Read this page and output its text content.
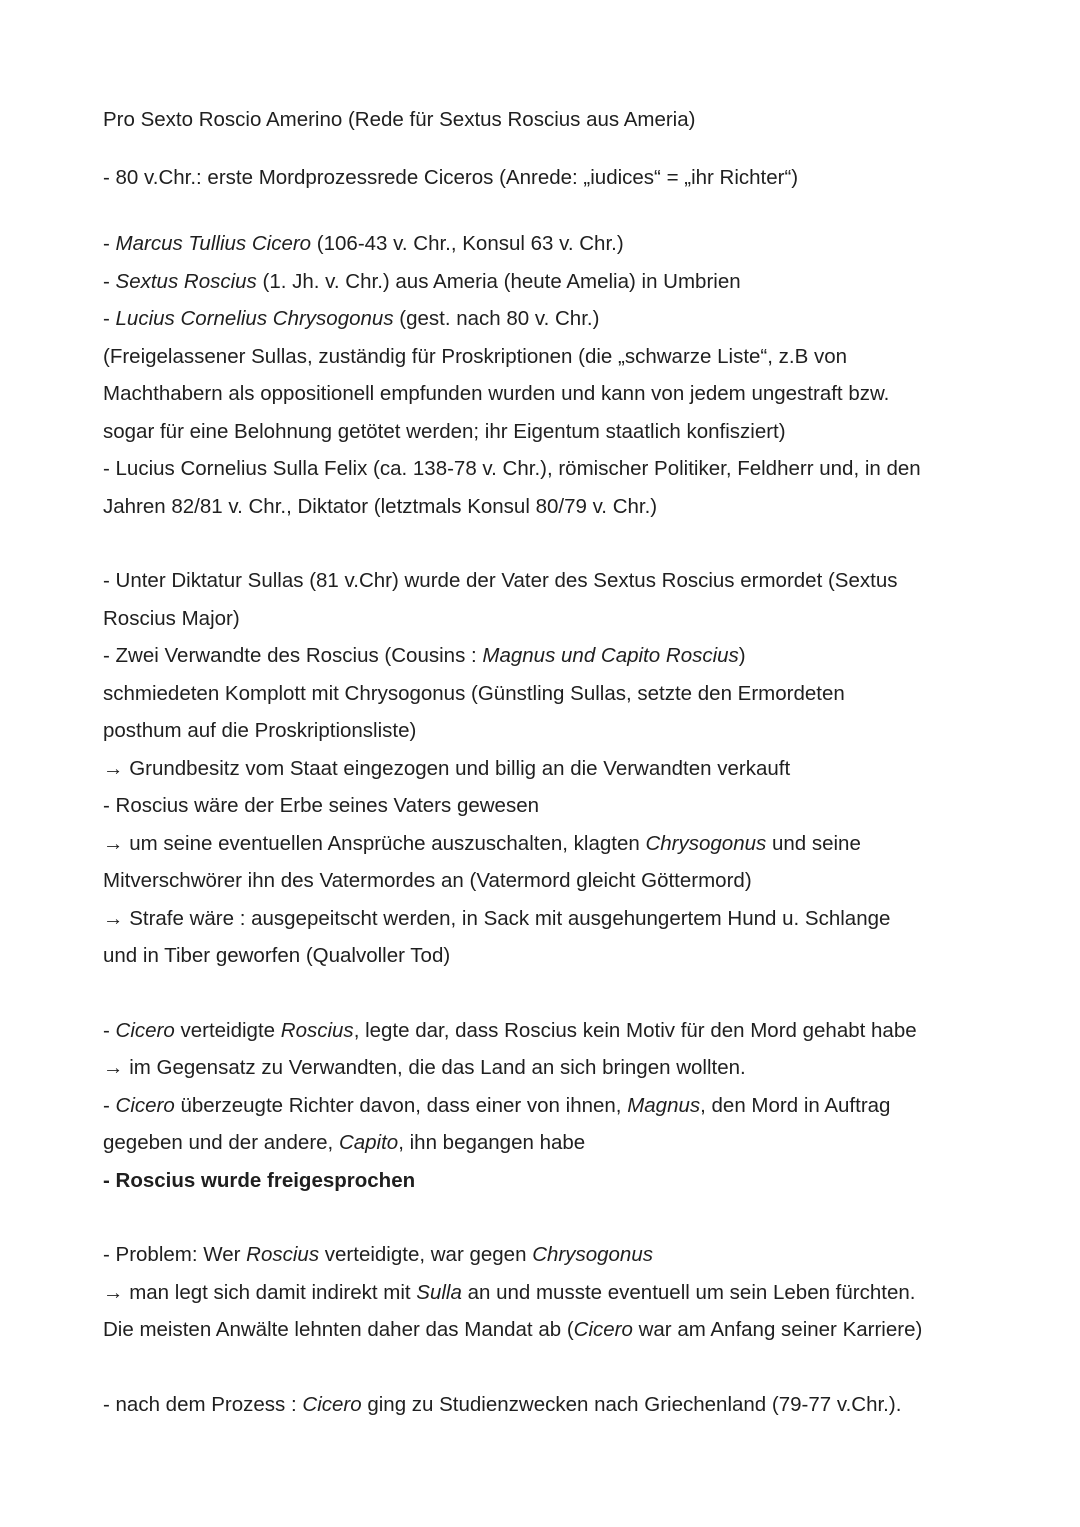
Pro Sexto Roscio Amerino (Rede für Sextus Roscius aus Ameria)

- 80 v.Chr.: erste Mordprozessrede Ciceros (Anrede: „iudices“ = „ihr Richter“)

- Marcus Tullius Cicero (106-43 v. Chr., Konsul 63 v. Chr.)

- Sextus Roscius (1. Jh. v. Chr.) aus Ameria (heute Amelia) in Umbrien

- Lucius Cornelius Chrysogonus (gest. nach 80 v. Chr.)

(Freigelassener Sullas, zuständig für Proskriptionen (die „schwarze Liste“, z.B von

Machthabern als oppositionell empfunden wurden und kann von jedem ungestraft bzw.

sogar für eine Belohnung getötet werden; ihr Eigentum staatlich konfisziert)

- Lucius Cornelius Sulla Felix (ca. 138-78 v. Chr.), römischer Politiker, Feldherr und, in den

Jahren 82/81 v. Chr., Diktator (letztmals Konsul 80/79 v. Chr.)

- Unter Diktatur Sullas (81 v.Chr) wurde der Vater des Sextus Roscius ermordet (Sextus

Roscius Major)

- Zwei Verwandte des Roscius (Cousins : Magnus und Capito Roscius)

schmiedeten Komplott mit Chrysogonus (Günstling Sullas, setzte den Ermordeten

posthum auf die Proskriptionsliste)

→ Grundbesitz vom Staat eingezogen und billig an die Verwandten verkauft

- Roscius wäre der Erbe seines Vaters gewesen

→ um seine eventuellen Ansprüche auszuschalten, klagten Chrysogonus und seine

Mitverschwörer ihn des Vatermordes an (Vatermord gleicht Göttermord)

→ Strafe wäre : ausgepeitscht werden, in Sack mit ausgehungertem Hund u. Schlange

und in Tiber geworfen (Qualvoller Tod)

- Cicero verteidigte Roscius, legte dar, dass Roscius kein Motiv für den Mord gehabt habe

→ im Gegensatz zu Verwandten, die das Land an sich bringen wollten.

- Cicero überzeugte Richter davon, dass einer von ihnen, Magnus, den Mord in Auftrag

gegeben und der andere, Capito, ihn begangen habe

- Roscius wurde freigesprochen

- Problem: Wer Roscius verteidigte, war gegen Chrysogonus

→ man legt sich damit indirekt mit Sulla an und musste eventuell um sein Leben fürchten.

Die meisten Anwälte lehnten daher das Mandat ab (Cicero war am Anfang seiner Karriere)

- nach dem Prozess : Cicero ging zu Studienzwecken nach Griechenland (79-77 v.Chr.).
